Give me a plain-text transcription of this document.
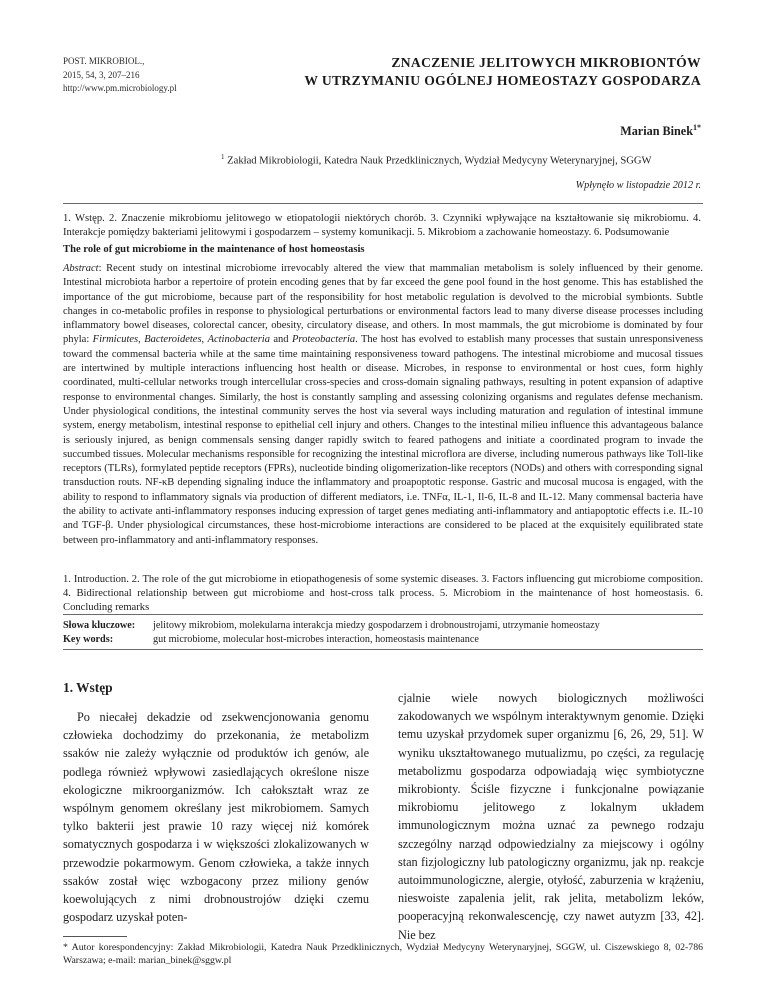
POST. MIKROBIOL.,
2015, 54, 3, 207–216
http://www.pm.microbiology.pl
ZNACZENIE JELITOWYCH MIKROBIONTÓW
W UTRZYMANIU OGÓLNEJ HOMEOSTAZY GOSPODARZA
Marian Binek$^{1*}$
$^1$ Zakład Mikrobiologii, Katedra Nauk Przedklinicznych, Wydział Medycyny Weterynaryjnej, SGGW
Wpłynęło w listopadzie 2012 r.
1. Wstęp. 2. Znaczenie mikrobiomu jelitowego w etiopatologii niektórych chorób. 3. Czynniki wpływające na kształtowanie się mikrobiomu. 4. Interakcje pomiędzy bakteriami jelitowymi i gospodarzem – systemy komunikacji. 5. Mikrobiom a zachowanie homeostazy. 6. Podsumowanie
The role of gut microbiome in the maintenance of host homeostasis
Abstract: Recent study on intestinal microbiome irrevocably altered the view that mammalian metabolism is solely influenced by their genome. Intestinal microbiota harbor a repertoire of protein encoding genes that by far exceed the gene pool found in the host genome. This has established the importance of the gut microbiome, because part of the responsibility for host metabolic regulation is devolved to the microbial symbionts. Subtle changes in co-metabolic profiles in response to physiological perturbations or environmental factors lead to many diverse disease processes including inflammatory bowel diseases, colorectal cancer, obesity, circulatory disease, and others. In most mammals, the gut microbiome is dominated by four phyla: Firmicutes, Bacteroidetes, Actinobacteria and Proteobacteria. The host has evolved to establish many processes that sustain unresponsiveness toward the commensal bacteria while at the same time maintaining responsiveness toward pathogens. The intestinal microbiome and mucosal tissues are intertwined by multiple interactions influencing host health or disease. Microbes, in response to environmental or host cues, form highly coordinated, multi-cellular networks trough intercellular cross-species and cross-domain signaling pathways, resulting in potent expansion of adaptive response to environmental changes. Similarly, the host is constantly sampling and assessing colonizing organisms and regulates defense mechanism. Under physiological conditions, the intestinal community serves the host via several ways including maturation and regulation of intestinal immune system, energy metabolism, intestinal response to epithelial cell injury and others. Changes to the intestinal milieu influence this advantageous balance is seriously injured, as benign commensals sensing danger rapidly switch to feared pathogens and initiate a coordinated program to invade the succumbed tissues. Molecular mechanisms responsible for recognizing the intestinal microflora are diverse, including numerous pathways like Toll-like receptors (TLRs), formylated peptide receptors (FPRs), nucleotide binding oligomerization-like receptors (NODs) and others with corresponding signal transduction routs. NF-κB depending signaling induce the inflammatory and proapoptotic response. Gastric and mucosal mucosa is engaged, with the ability to respond to inflammatory signals via production of different mediators, i.e. TNFα, IL-1, Il-6, IL-8 and IL-12. Many commensal bacteria have the ability to activate anti-inflammatory responses inducing expression of target genes mediating anti-inflammatory and antiapoptotic effects i.e. IL-10 and TGF-β. Under physiological circumstances, these host-microbiome interactions are considered to be placed at the exquisitely equilibrated state between pro-inflammatory and anti-inflammatory responses.
1. Introduction. 2. The role of the gut microbiome in etiopathogenesis of some systemic diseases. 3. Factors influencing gut microbiome composition. 4. Bidirectional relationship between gut microbiome and host-cross talk process. 5. Microbiom in the maintenance of host homeostasis. 6. Concluding remarks
Słowa kluczowe:	jelitowy mikrobiom, molekularna interakcja miedzy gospodarzem i drobnoustrojami, utrzymanie homeostazy
Key words:	gut microbiome, molecular host-microbes interaction, homeostasis maintenance
1. Wstęp
Po niecałej dekadzie od zsekwencjonowania genomu człowieka dochodzimy do przekonania, że metabolizm ssaków nie zależy wyłącznie od produktów ich genów, ale podlega również wpływowi zasiedlających określone nisze ekologiczne mikroorganizmów. Ich całokształt wraz ze wspólnym genomem określany jest mikrobiomem. Samych tylko bakterii jest prawie 10 razy więcej niż komórek somatycznych gospodarza i w większości zlokalizowanych w przewodzie pokarmowym. Genom człowieka, a także innych ssaków został więc wzbogacony przez miliony genów koewolujących z nimi drobnoustrojów dzięki czemu gospodarz uzyskał poten-
cjalnie wiele nowych biologicznych możliwości zakodowanych we wspólnym interaktywnym genomie. Dzięki temu uzyskał przydomek super organizmu [6, 26, 29, 51]. W wyniku ukształtowanego mutualizmu, po części, za regulację metabolizmu gospodarza odpowiadają więc symbiotyczne mikrobionty. Ściśle fizyczne i funkcjonalne powiązanie mikrobiomu jelitowego z lokalnym układem immunologicznym można uznać za pewnego rodzaju szczególny narząd odpowiedzialny za miejscowy i ogólny stan fizjologiczny lub patologiczny organizmu, jak np. reakcje autoimmunologiczne, alergie, otyłość, zaburzenia w krążeniu, nieswoiste zapalenia jelit, rak jelita, metabolizm leków, pooperacyjną rekonwalescencję, czy nawet autyzm [33, 42]. Nie bez
* Autor korespondencyjny: Zakład Mikrobiologii, Katedra Nauk Przedklinicznych, Wydział Medycyny Weterynaryjnej, SGGW, ul. Ciszewskiego 8, 02-786 Warszawa; e-mail: marian_binek@sggw.pl
